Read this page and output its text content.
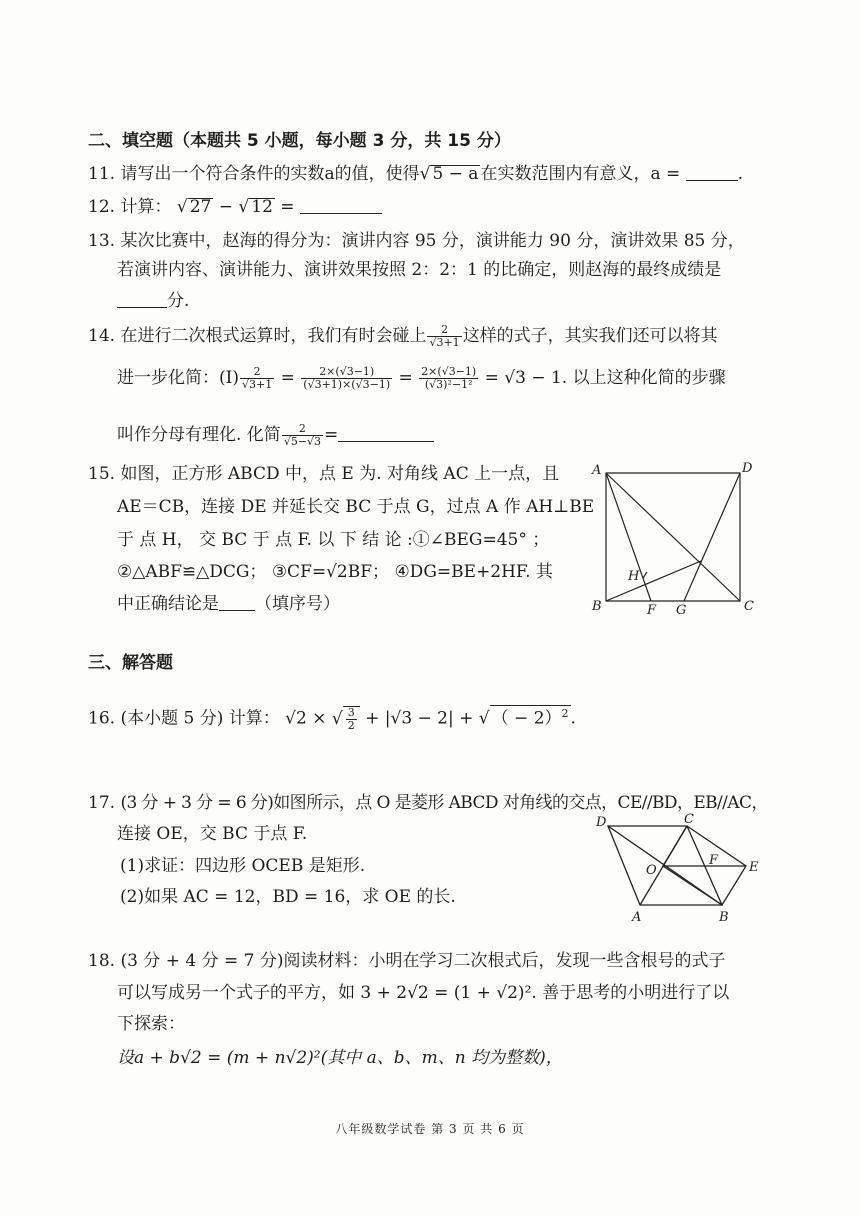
二、填空题（本题共 5 小题，每小题 3 分，共 15 分）
11. 请写出一个符合条件的实数a的值，使得√ 5 − a 在实数范围内有意义，a =	.
12. 计算： √ 27 − √ 12 =
13. 某次比赛中，赵海的得分为：演讲内容 95 分，演讲能力 90 分，演讲效果 85 分，
若演讲内容、演讲能力、演讲效果按照 2：2：1 的比确定，则赵海的最终成绩是
分.
14. 在进行二次根式运算时，我们有时会碰上 $\frac{2}{√3+1}$ 这样的式子，其实我们还可以将其
进一步化简：$(I) \frac{2}{√3+1} = \frac{2\times(√3-1)}{(√3+1)\times(√3-1)} = \frac{2\times(√3-1)}{\text{(√3)²−1²}} = √3 - 1$. 以上这种化简的步骤
叫作分母有理化. 化简 $\frac{2}{√5-√3}$ =
15. 如图，正方形 ABCD 中，点 E 为. 对角线 AC 上一点，且
AE＝CB，连接 DE 并延长交 BC 于点 G，过点 A 作 AH⊥BE
于 点 H， 交 BC 于 点 F. 以 下 结 论 :①∠BEG=45° ；
②△ABF≌△DCG； ③CF=√2BF； ④DG=BE+2HF. 其
中正确结论是 （填序号）
A	D
B	C
F G
H
三、解答题
16. (本小题 5 分) 计算： √2 × √ $\frac{3}{2} + |√3 - 2|$ + √ （ − 2）$^2$ .
17. (3 分 + 3 分 = 6 分)如图所示，点 O 是菱形 ABCD 对角线的交点，CE//BD，EB//AC，
连接 OE，交 BC 于点 F.
(1)求证：四边形 OCEB 是矩形.
(2)如果 AC = 12，BD = 16，求 OE 的长.
D	C
O
F E
A	B
18. (3 分 + 4 分 = 7 分)阅读材料：小明在学习二次根式后，发现一些含根号的式子
可以写成另一个式子的平方，如 3 + 2√2 = (1 + √2)². 善于思考的小明进行了以
下探索：
设a + b√2 = (m + n√2)²(其中 a、b、m、n 均为整数)，
八年级数学试卷 第 3 页 共 6 页
